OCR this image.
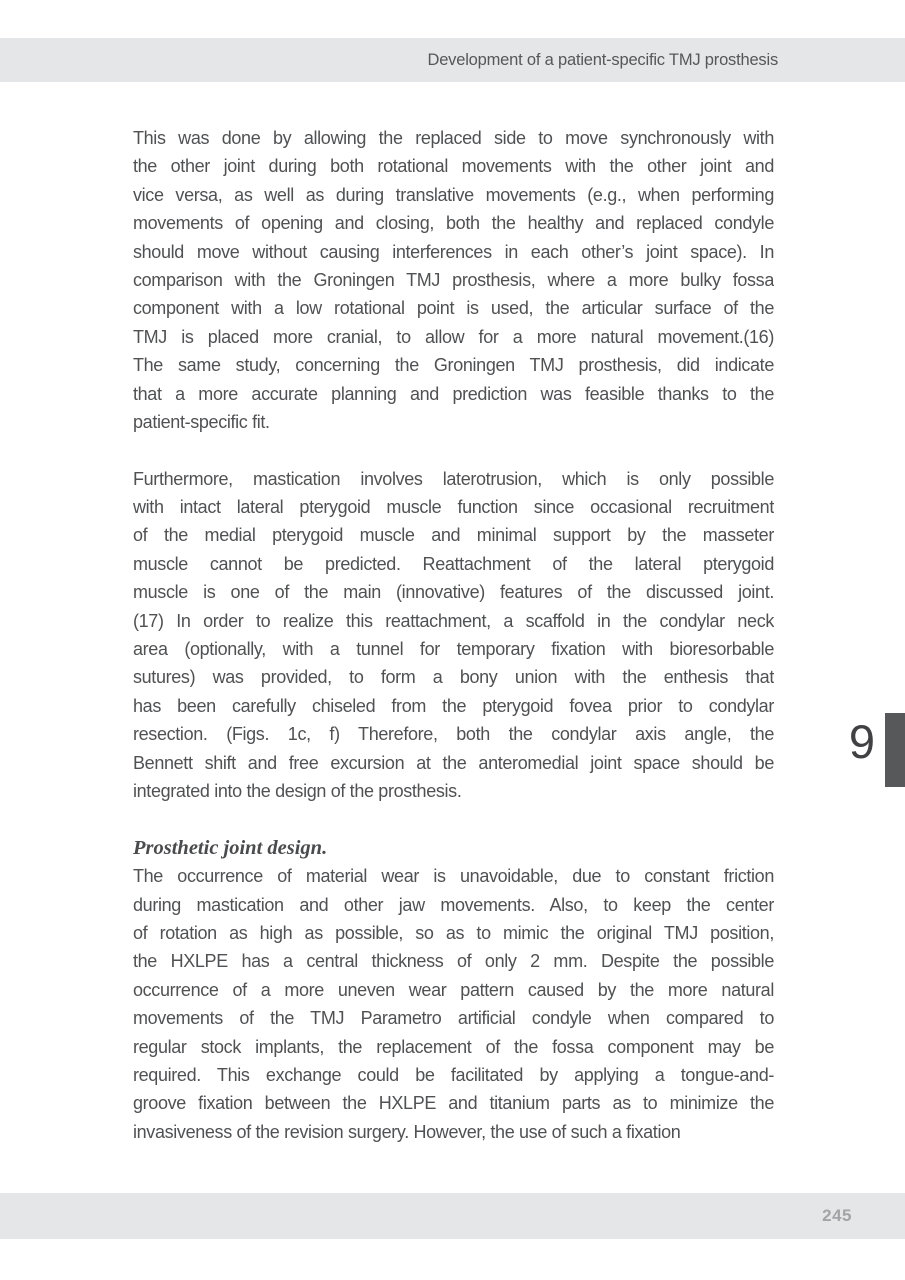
Development of a patient-specific TMJ prosthesis
This was done by allowing the replaced side to move synchronously with
the other joint during both rotational movements with the other joint and
vice versa, as well as during translative movements (e.g., when performing
movements of opening and closing, both the healthy and replaced condyle
should move without causing interferences in each other’s joint space). In
comparison with the Groningen TMJ prosthesis, where a more bulky fossa
component with a low rotational point is used, the articular surface of the
TMJ is placed more cranial, to allow for a more natural movement.(16)
The same study, concerning the Groningen TMJ prosthesis, did indicate
that a more accurate planning and prediction was feasible thanks to the
patient-specific fit.
Furthermore, mastication involves laterotrusion, which is only possible
with intact lateral pterygoid muscle function since occasional recruitment
of the medial pterygoid muscle and minimal support by the masseter
muscle cannot be predicted. Reattachment of the lateral pterygoid
muscle is one of the main (innovative) features of the discussed joint.
(17) In order to realize this reattachment, a scaffold in the condylar neck
area (optionally, with a tunnel for temporary fixation with bioresorbable
sutures) was provided, to form a bony union with the enthesis that
has been carefully chiseled from the pterygoid fovea prior to condylar
resection. (Figs. 1c, f) Therefore, both the condylar axis angle, the
Bennett shift and free excursion at the anteromedial joint space should be
integrated into the design of the prosthesis.
Prosthetic joint design.
The occurrence of material wear is unavoidable, due to constant friction
during mastication and other jaw movements. Also, to keep the center
of rotation as high as possible, so as to mimic the original TMJ position,
the HXLPE has a central thickness of only 2 mm. Despite the possible
occurrence of a more uneven wear pattern caused by the more natural
movements of the TMJ Parametro artificial condyle when compared to
regular stock implants, the replacement of the fossa component may be
required. This exchange could be facilitated by applying a tongue-and-
groove fixation between the HXLPE and titanium parts as to minimize the
invasiveness of the revision surgery. However, the use of such a fixation
9
245
